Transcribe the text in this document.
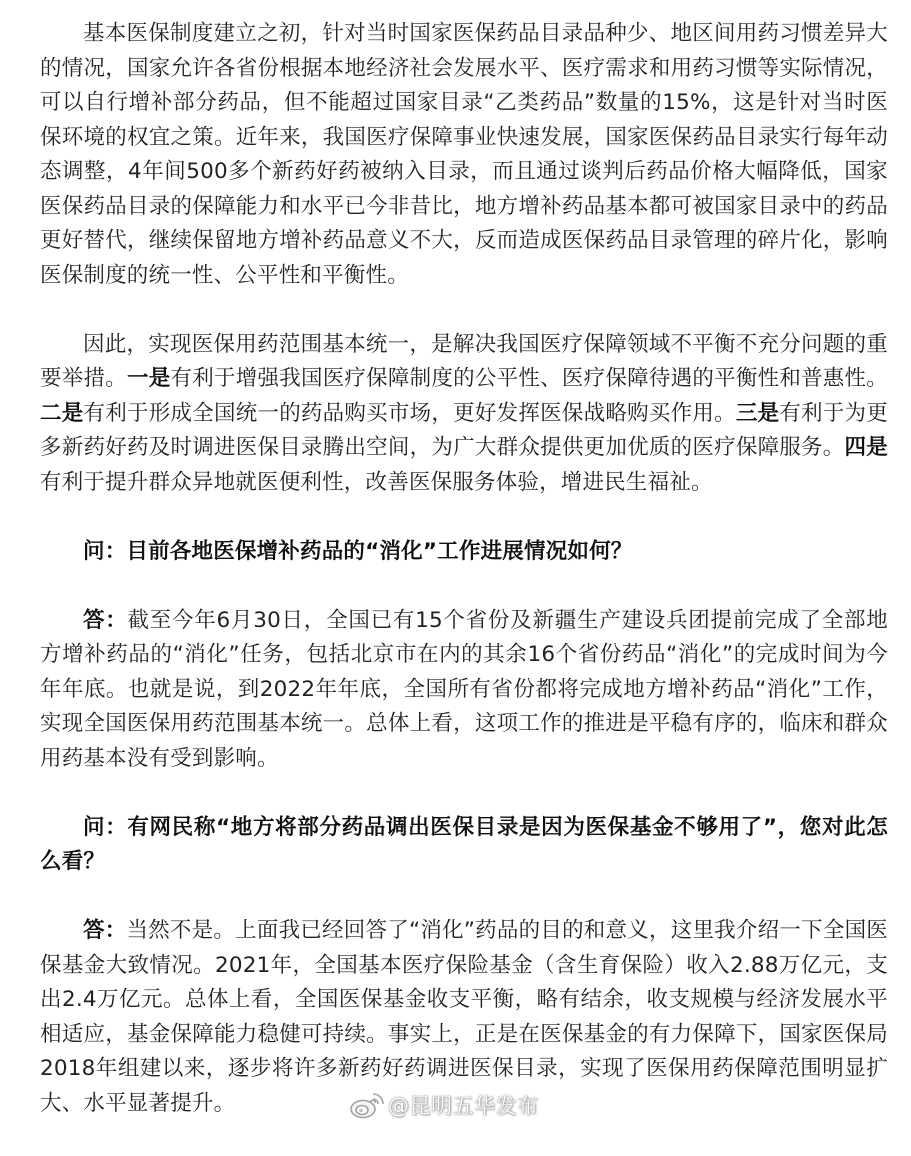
基本医保制度建立之初，针对当时国家医保药品目录品种少、地区间用药习惯差异大的情况，国家允许各省份根据本地经济社会发展水平、医疗需求和用药习惯等实际情况，可以自行增补部分药品，但不能超过国家目录“乙类药品”数量的15%，这是针对当时医保环境的权宜之策。近年来，我国医疗保障事业快速发展，国家医保药品目录实行每年动态调整，4年间500多个新药好药被纳入目录，而且通过谈判后药品价格大幅降低，国家医保药品目录的保障能力和水平已今非昔比，地方增补药品基本都可被国家目录中的药品更好替代，继续保留地方增补药品意义不大，反而造成医保药品目录管理的碎片化，影响医保制度的统一性、公平性和平衡性。

因此，实现医保用药范围基本统一，是解决我国医疗保障领域不平衡不充分问题的重要举措。一是有利于增强我国医疗保障制度的公平性、医疗保障待遇的平衡性和普惠性。二是有利于形成全国统一的药品购买市场，更好发挥医保战略购买作用。三是有利于为更多新药好药及时调进医保目录腾出空间，为广大群众提供更加优质的医疗保障服务。四是有利于提升群众异地就医便利性，改善医保服务体验，增进民生福祉。

问：目前各地医保增补药品的“消化”工作进展情况如何？

答：截至今年6月30日，全国已有15个省份及新疆生产建设兵团提前完成了全部地方增补药品的“消化”任务，包括北京市在内的其余16个省份药品“消化”的完成时间为今年年底。也就是说，到2022年年底，全国所有省份都将完成地方增补药品“消化”工作，实现全国医保用药范围基本统一。总体上看，这项工作的推进是平稳有序的，临床和群众用药基本没有受到影响。

问：有网民称“地方将部分药品调出医保目录是因为医保基金不够用了”，您对此怎么看？

答：当然不是。上面我已经回答了“消化”药品的目的和意义，这里我介绍一下全国医保基金大致情况。2021年，全国基本医疗保险基金（含生育保险）收入2.88万亿元，支出2.4万亿元。总体上看，全国医保基金收支平衡，略有结余，收支规模与经济发展水平相适应，基金保障能力稳健可持续。事实上，正是在医保基金的有力保障下，国家医保局2018年组建以来，逐步将许多新药好药调进医保目录，实现了医保用药保障范围明显扩大、水平显著提升。	@昆明五华发布
